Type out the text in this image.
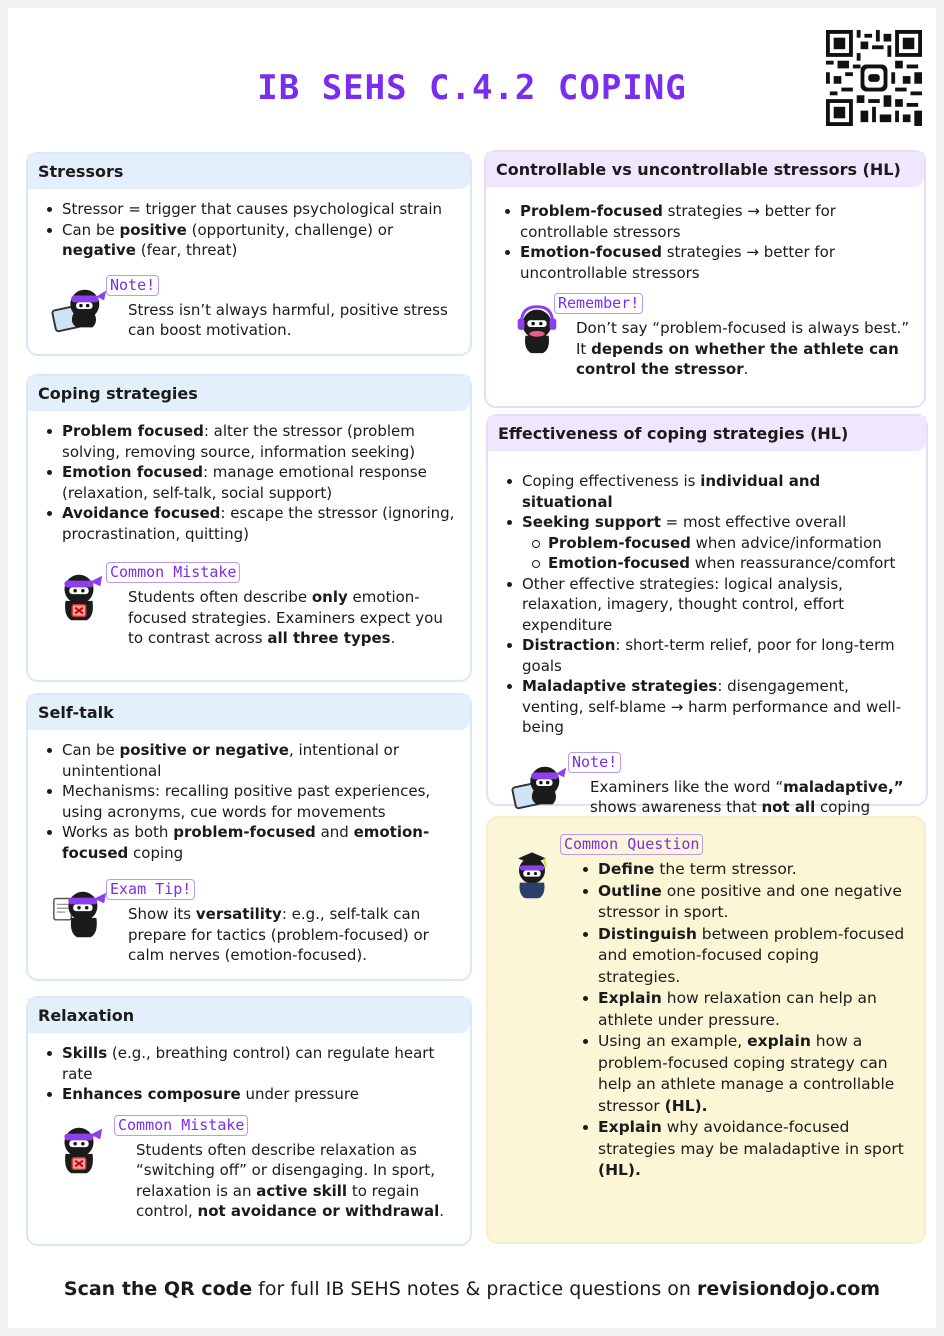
IB SEHS C.4.2 COPING
Stressors
Stressor = trigger that causes psychological strain
Can be positive (opportunity, challenge) or negative (fear, threat)
Note!
Stress isn’t always harmful, positive stress can boost motivation.
Coping strategies
Problem focused: alter the stressor (problem solving, removing source, information seeking)
Emotion focused: manage emotional response (relaxation, self-talk, social support)
Avoidance focused: escape the stressor (ignoring, procrastination, quitting)
Common Mistake
Students often describe only emotion-focused strategies. Examiners expect you to contrast across all three types.
Self-talk
Can be positive or negative, intentional or unintentional
Mechanisms: recalling positive past experiences, using acronyms, cue words for movements
Works as both problem-focused and emotion-focused coping
Exam Tip!
Show its versatility: e.g., self-talk can prepare for tactics (problem-focused) or calm nerves (emotion-focused).
Relaxation
Skills (e.g., breathing control) can regulate heart rate
Enhances composure under pressure
Common Mistake
Students often describe relaxation as “switching off” or disengaging. In sport, relaxation is an active skill to regain control, not avoidance or withdrawal.
Controllable vs uncontrollable stressors (HL)
Problem-focused strategies → better for controllable stressors
Emotion-focused strategies → better for uncontrollable stressors
Remember!
Don’t say “problem-focused is always best.” It depends on whether the athlete can control the stressor.
Effectiveness of coping strategies (HL)
Coping effectiveness is individual and situational
Seeking support = most effective overall
Problem-focused when advice/information
Emotion-focused when reassurance/comfort
Other effective strategies: logical analysis, relaxation, imagery, thought control, effort expenditure
Distraction: short-term relief, poor for long-term goals
Maladaptive strategies: disengagement, venting, self-blame → harm performance and well-being
Note!
Examiners like the word “maladaptive,” shows awareness that not all coping
Common Question
Define the term stressor.
Outline one positive and one negative stressor in sport.
Distinguish between problem-focused and emotion-focused coping strategies.
Explain how relaxation can help an athlete under pressure.
Using an example, explain how a problem-focused coping strategy can help an athlete manage a controllable stressor (HL).
Explain why avoidance-focused strategies may be maladaptive in sport (HL).
Scan the QR code for full IB SEHS notes & practice questions on revisiondojo.com
